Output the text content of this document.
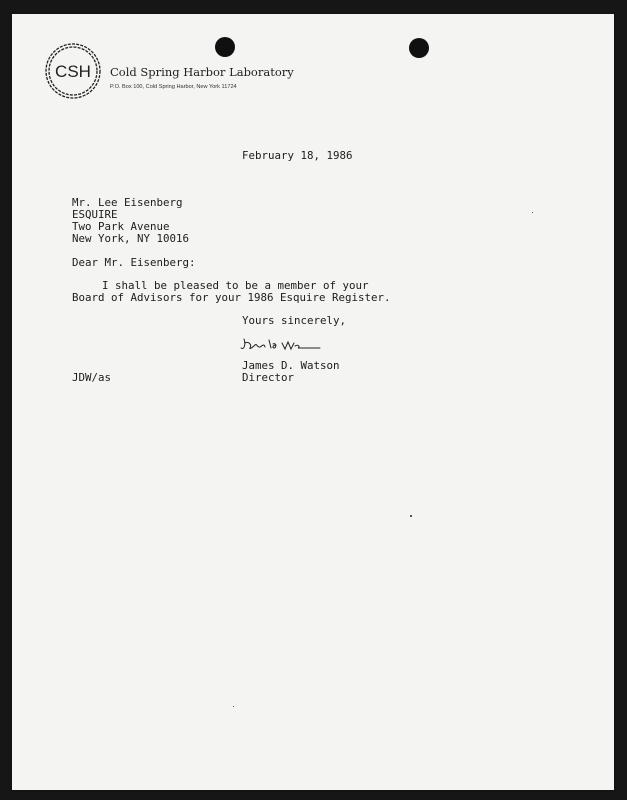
CSH Cold Spring Harbor Laboratory
P.O. Box 100, Cold Spring Harbor, New York 11724
February 18, 1986
Mr. Lee Eisenberg
ESQUIRE
Two Park Avenue
New York, NY 10016
Dear Mr. Eisenberg:
I shall be pleased to be a member of your
Board of Advisors for your 1986 Esquire Register.
Yours sincerely,
James D. Watson
Director
JDW/as
